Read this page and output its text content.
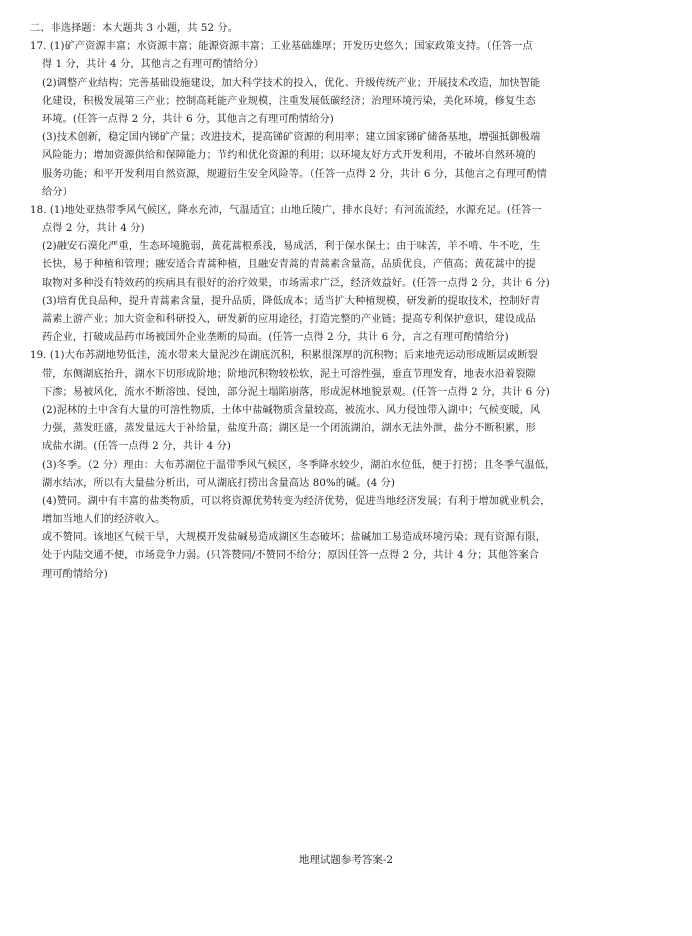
二、非选择题：本大题共 3 小题，共 52 分。
17. (1)矿产资源丰富；水资源丰富；能源资源丰富；工业基础雄厚；开发历史悠久；国家政策支持。（任答一点
得 1 分，共计 4 分，其他言之有理可酌情给分）
(2)调整产业结构；完善基础设施建设，加大科学技术的投入，优化、升级传统产业；开展技术改造，加快智能
化建设，积极发展第三产业；控制高耗能产业规模，注重发展低碳经济；治理环境污染，美化环境，修复生态
环境。(任答一点得 2 分，共计 6 分，其他言之有理可酌情给分)
(3)技术创新，稳定国内锑矿产量；改进技术，提高锑矿资源的利用率；建立国家锑矿储备基地，增强抵御极端
风险能力；增加资源供给和保障能力；节约和优化资源的利用；以环境友好方式开发利用，不破坏自然环境的
服务功能；和平开发利用自然资源，规避衍生安全风险等。（任答一点得 2 分，共计 6 分，其他言之有理可酌情
给分）
18. (1)地处亚热带季风气候区，降水充沛，气温适宜；山地丘陵广，排水良好；有河流流经，水源充足。(任答一
点得 2 分，共计 4 分)
(2)融安石漠化严重，生态环境脆弱，黄花蒿根系浅，易成活，利于保水保土；由于味苦，羊不啃、牛不吃，生
长快，易于种植和管理；融安适合青蒿种植，且融安青蒿的青蒿素含量高，品质优良，产值高；黄花蒿中的提
取物对多种没有特效药的疾病具有很好的治疗效果，市场需求广泛，经济效益好。(任答一点得 2 分，共计 6 分)
(3)培育优良品种，提升青蒿素含量，提升品质，降低成本；适当扩大种植规模，研发新的提取技术，控制好青
蒿素上游产业；加大资金和科研投入，研发新的应用途径，打造完整的产业链；提高专利保护意识，建设成品
药企业，打破成品药市场被国外企业垄断的局面。(任答一点得 2 分，共计 6 分，言之有理可酌情给分)
19. (1)大布苏湖地势低洼，流水带来大量泥沙在湖底沉积，积累很深厚的沉积物；后来地壳运动形成断层或断裂
带，东侧湖底抬升，湖水下切形成阶地；阶地沉积物较松软，泥土可溶性强，垂直节理发育，地表水沿着裂隙
下渗；易被风化，流水不断溶蚀、侵蚀，部分泥土塌陷崩落，形成泥林地貌景观。(任答一点得 2 分，共计 6 分)
(2)泥林的土中含有大量的可溶性物质，土体中盐碱物质含量较高，被流水、风力侵蚀带入湖中；气候变暖，风
力强，蒸发旺盛，蒸发量远大于补给量，盐度升高；湖区是一个闭流湖泊，湖水无法外泄，盐分不断积累，形
成盐水湖。(任答一点得 2 分，共计 4 分)
(3)冬季。（2 分）理由：大布苏湖位于温带季风气候区，冬季降水较少，湖泊水位低，便于打捞；且冬季气温低，
湖水结冰，所以有大量盐分析出，可从湖底打捞出含量高达 80%的碱。(4 分)
(4)赞同。湖中有丰富的盐类物质，可以将资源优势转变为经济优势，促进当地经济发展；有利于增加就业机会，
增加当地人们的经济收入。
或不赞同。该地区气候干旱，大规模开发盐碱易造成湖区生态破坏；盐碱加工易造成环境污染；现有资源有限，
处于内陆交通不便，市场竞争力弱。(只答赞同/不赞同不给分；原因任答一点得 2 分，共计 4 分；其他答案合
理可酌情给分)
地理试题参考答案-2
